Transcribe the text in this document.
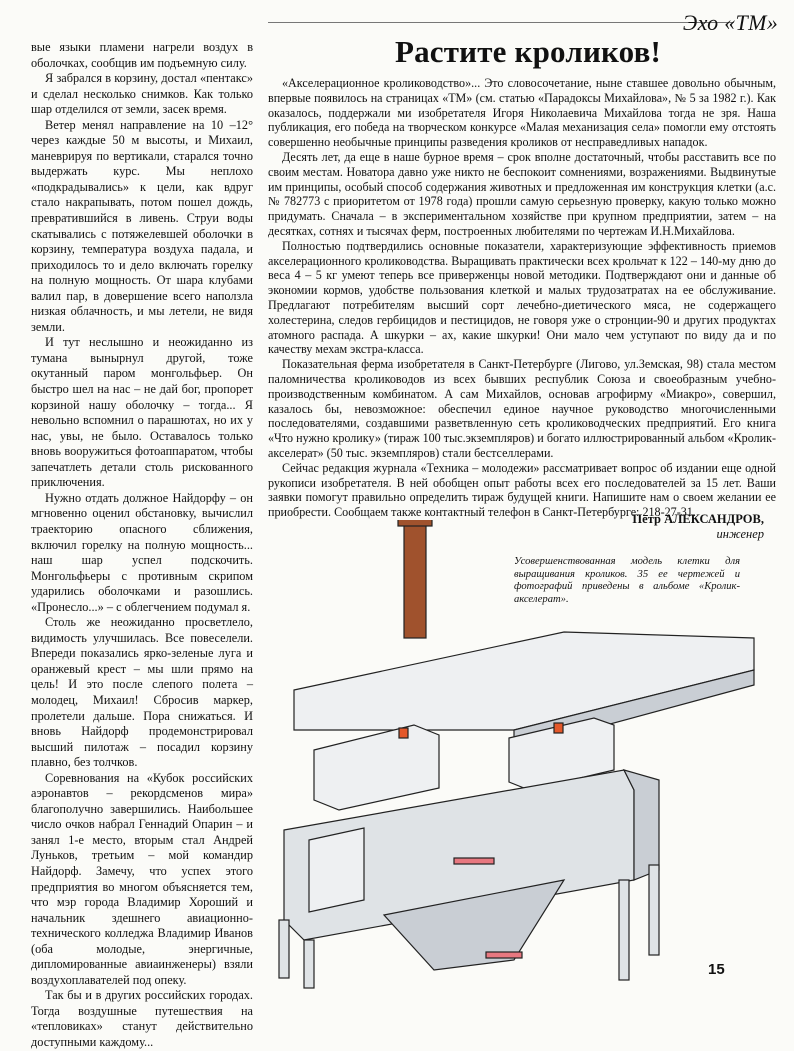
Эхо «ТМ»

вые языки пламени нагрели воздух в оболочках, сообщив им подъемную силу.

Я забрался в корзину, достал «пентакс» и сделал несколько снимков. Как только шар отделился от земли, засек время.

Ветер менял направление на 10 –12° через каждые 50 м высоты, и Михаил, маневрируя по вертикали, старался точно выдержать курс. Мы неплохо «подкрадывались» к цели, как вдруг стало накрапывать, потом пошел дождь, превратившийся в ливень. Струи воды скатывались с потяжелевшей оболочки в корзину, температура воздуха падала, и приходилось то и дело включать горелку на полную мощность. От шара клубами валил пар, в довершение всего наползла низкая облачность, и мы летели, не видя земли.

И тут неслышно и неожиданно из тумана вынырнул другой, тоже окутанный паром монгольфьер. Он быстро шел на нас – не дай бог, пропорет корзиной нашу оболочку – тогда... Я невольно вспомнил о парашютах, но их у нас, увы, не было. Оставалось только вновь вооружиться фотоаппаратом, чтобы запечатлеть детали столь рискованного приключения.

Нужно отдать должное Найдорфу – он мгновенно оценил обстановку, вычислил траекторию опасного сближения, включил горелку на полную мощность... наш шар успел подскочить. Монгольфьеры с противным скрипом ударились оболочками и разошлись. «Пронесло...» – с облегчением подумал я.

Столь же неожиданно просветлело, видимость улучшилась. Все повеселели. Впереди показались ярко-зеленые луга и оранжевый крест – мы шли прямо на цель! И это после слепого полета – молодец, Михаил! Сбросив маркер, пролетели дальше. Пора снижаться. И вновь Найдорф продемонстрировал высший пилотаж – посадил корзину плавно, без толчков.

Соревнования на «Кубок российских аэронавтов – рекордсменов мира» благополучно завершились. Наибольшее число очков набрал Геннадий Опарин – и занял 1-е место, вторым стал Андрей Луньков, третьим – мой командир Найдорф. Замечу, что успех этого предприятия во многом объясняется тем, что мэр города Владимир Хороший и начальник здешнего авиационно-технического колледжа Владимир Иванов (оба молодые, энергичные, дипломированные авиаинженеры) взяли воздухоплавателей под опеку.

Так бы и в других российских городах. Тогда воздушные путешествия на «тепловиках» станут действительно доступными каждому...

Растите кроликов!

«Акселерационное кролиководство»... Это словосочетание, ныне ставшее довольно обычным, впервые появилось на страницах «ТМ» (см. статью «Парадоксы Михайлова», № 5 за 1982 г.). Как оказалось, поддержали ми изобретателя Игоря Николаевича Михайлова тогда не зря. Наша публикация, его победа на творческом конкурсе «Малая механизация села» помогли ему отстоять совершенно необычные принципы разведения кроликов от несправедливых нападок.

Десять лет, да еще в наше бурное время – срок вполне достаточный, чтобы расставить все по своим местам. Новатора давно уже никто не беспокоит сомнениями, возражениями. Выдвинутые им принципы, особый способ содержания животных и предложенная им конструкция клетки (а.с. № 782773 с приоритетом от 1978 года) прошли самую серьезную проверку, какую только можно придумать. Сначала – в экспериментальном хозяйстве при крупном предприятии, затем – на десятках, сотнях и тысячах ферм, построенных любителями по чертежам И.Н.Михайлова.

Полностью подтвердились основные показатели, характеризующие эффективность приемов акселерационного кролиководства. Выращивать практически всех крольчат к 122 – 140-му дню до веса 4 – 5 кг умеют теперь все приверженцы новой методики. Подтверждают они и данные об экономии кормов, удобстве пользования клеткой и малых трудозатратах на ее обслуживание. Предлагают потребителям высший сорт лечебно-диетического мяса, не содержащего холестерина, следов гербицидов и пестицидов, не говоря уже о стронции-90 и других продуктах атомного распада. А шкурки – ах, какие шкурки! Они мало чем уступают по виду да и по качеству мехам экстра-класса.

Показательная ферма изобретателя в Санкт-Петербурге (Лигово, ул.Земская, 98) стала местом паломничества кролиководов из всех бывших республик Союза и своеобразным учебно-производственным комбинатом. А сам Михайлов, основав агрофирму «Миакро», совершил, казалось бы, невозможное: обеспечил единое научное руководство многочисленными последователями, создавшими разветвленную сеть кролиководческих предприятий. Его книга «Что нужно кролику» (тираж 100 тыс.экземпляров) и богато иллюстрированный альбом «Кролик-акселерат» (50 тыс. экземпляров) стали бестселлерами.

Сейчас редакция журнала «Техника – молодежи» рассматривает вопрос об издании еще одной рукописи изобретателя. В ней обобщен опыт работы всех его последователей за 15 лет. Ваши заявки помогут правильно определить тираж будущей книги. Напишите нам о своем желании ее приобрести. Сообщаем также контактный телефон в Санкт-Петербурге: 218-27-31.

Петр АЛЕКСАНДРОВ,
инженер
Усовершенствованная модель клетки для выращивания кроликов. 35 ее чертежей и фотографий приведены в альбоме «Кролик-акселерат».
15
